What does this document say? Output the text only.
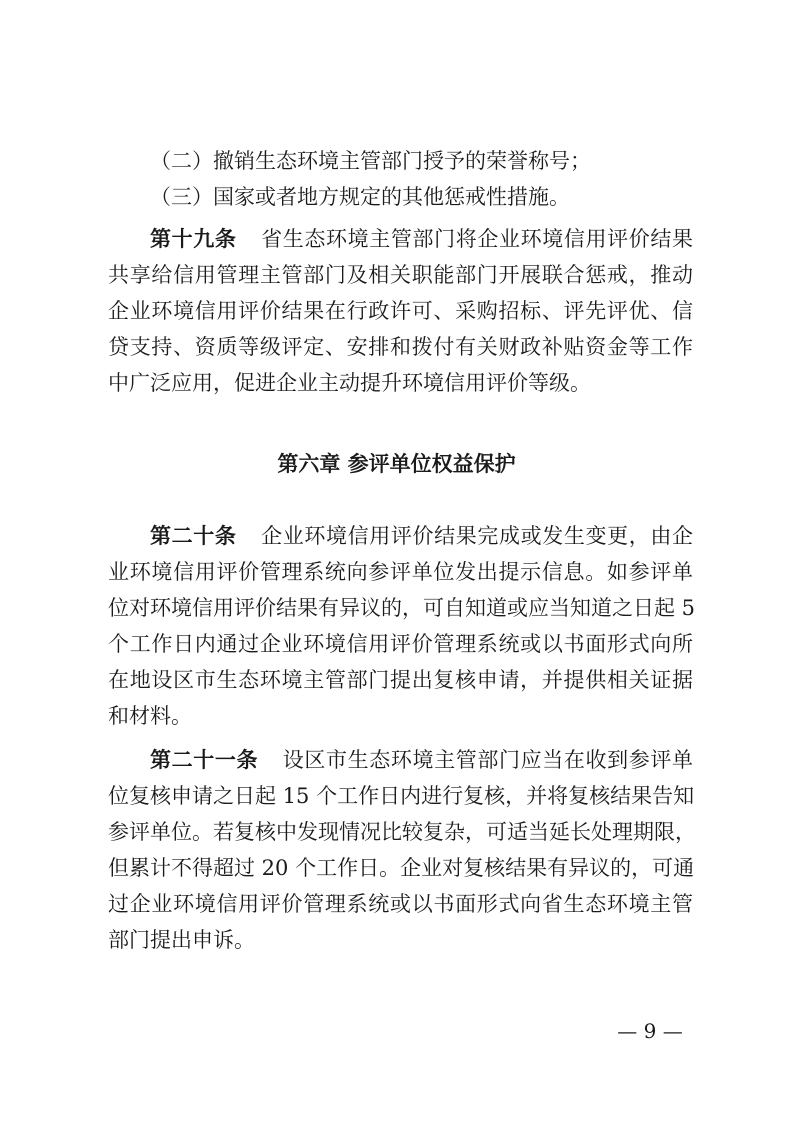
（二）撤销生态环境主管部门授予的荣誉称号；
（三）国家或者地方规定的其他惩戒性措施。
第十九条 省生态环境主管部门将企业环境信用评价结果
共享给信用管理主管部门及相关职能部门开展联合惩戒，推动
企业环境信用评价结果在行政许可、采购招标、评先评优、信
贷支持、资质等级评定、安排和拨付有关财政补贴资金等工作
中广泛应用，促进企业主动提升环境信用评价等级。
第六章 参评单位权益保护
第二十条 企业环境信用评价结果完成或发生变更，由企
业环境信用评价管理系统向参评单位发出提示信息。如参评单
位对环境信用评价结果有异议的，可自知道或应当知道之日起 5
个工作日内通过企业环境信用评价管理系统或以书面形式向所
在地设区市生态环境主管部门提出复核申请，并提供相关证据
和材料。
第二十一条 设区市生态环境主管部门应当在收到参评单
位复核申请之日起 15 个工作日内进行复核，并将复核结果告知
参评单位。若复核中发现情况比较复杂，可适当延长处理期限，
但累计不得超过 20 个工作日。企业对复核结果有异议的，可通
过企业环境信用评价管理系统或以书面形式向省生态环境主管
部门提出申诉。
— 9 —
